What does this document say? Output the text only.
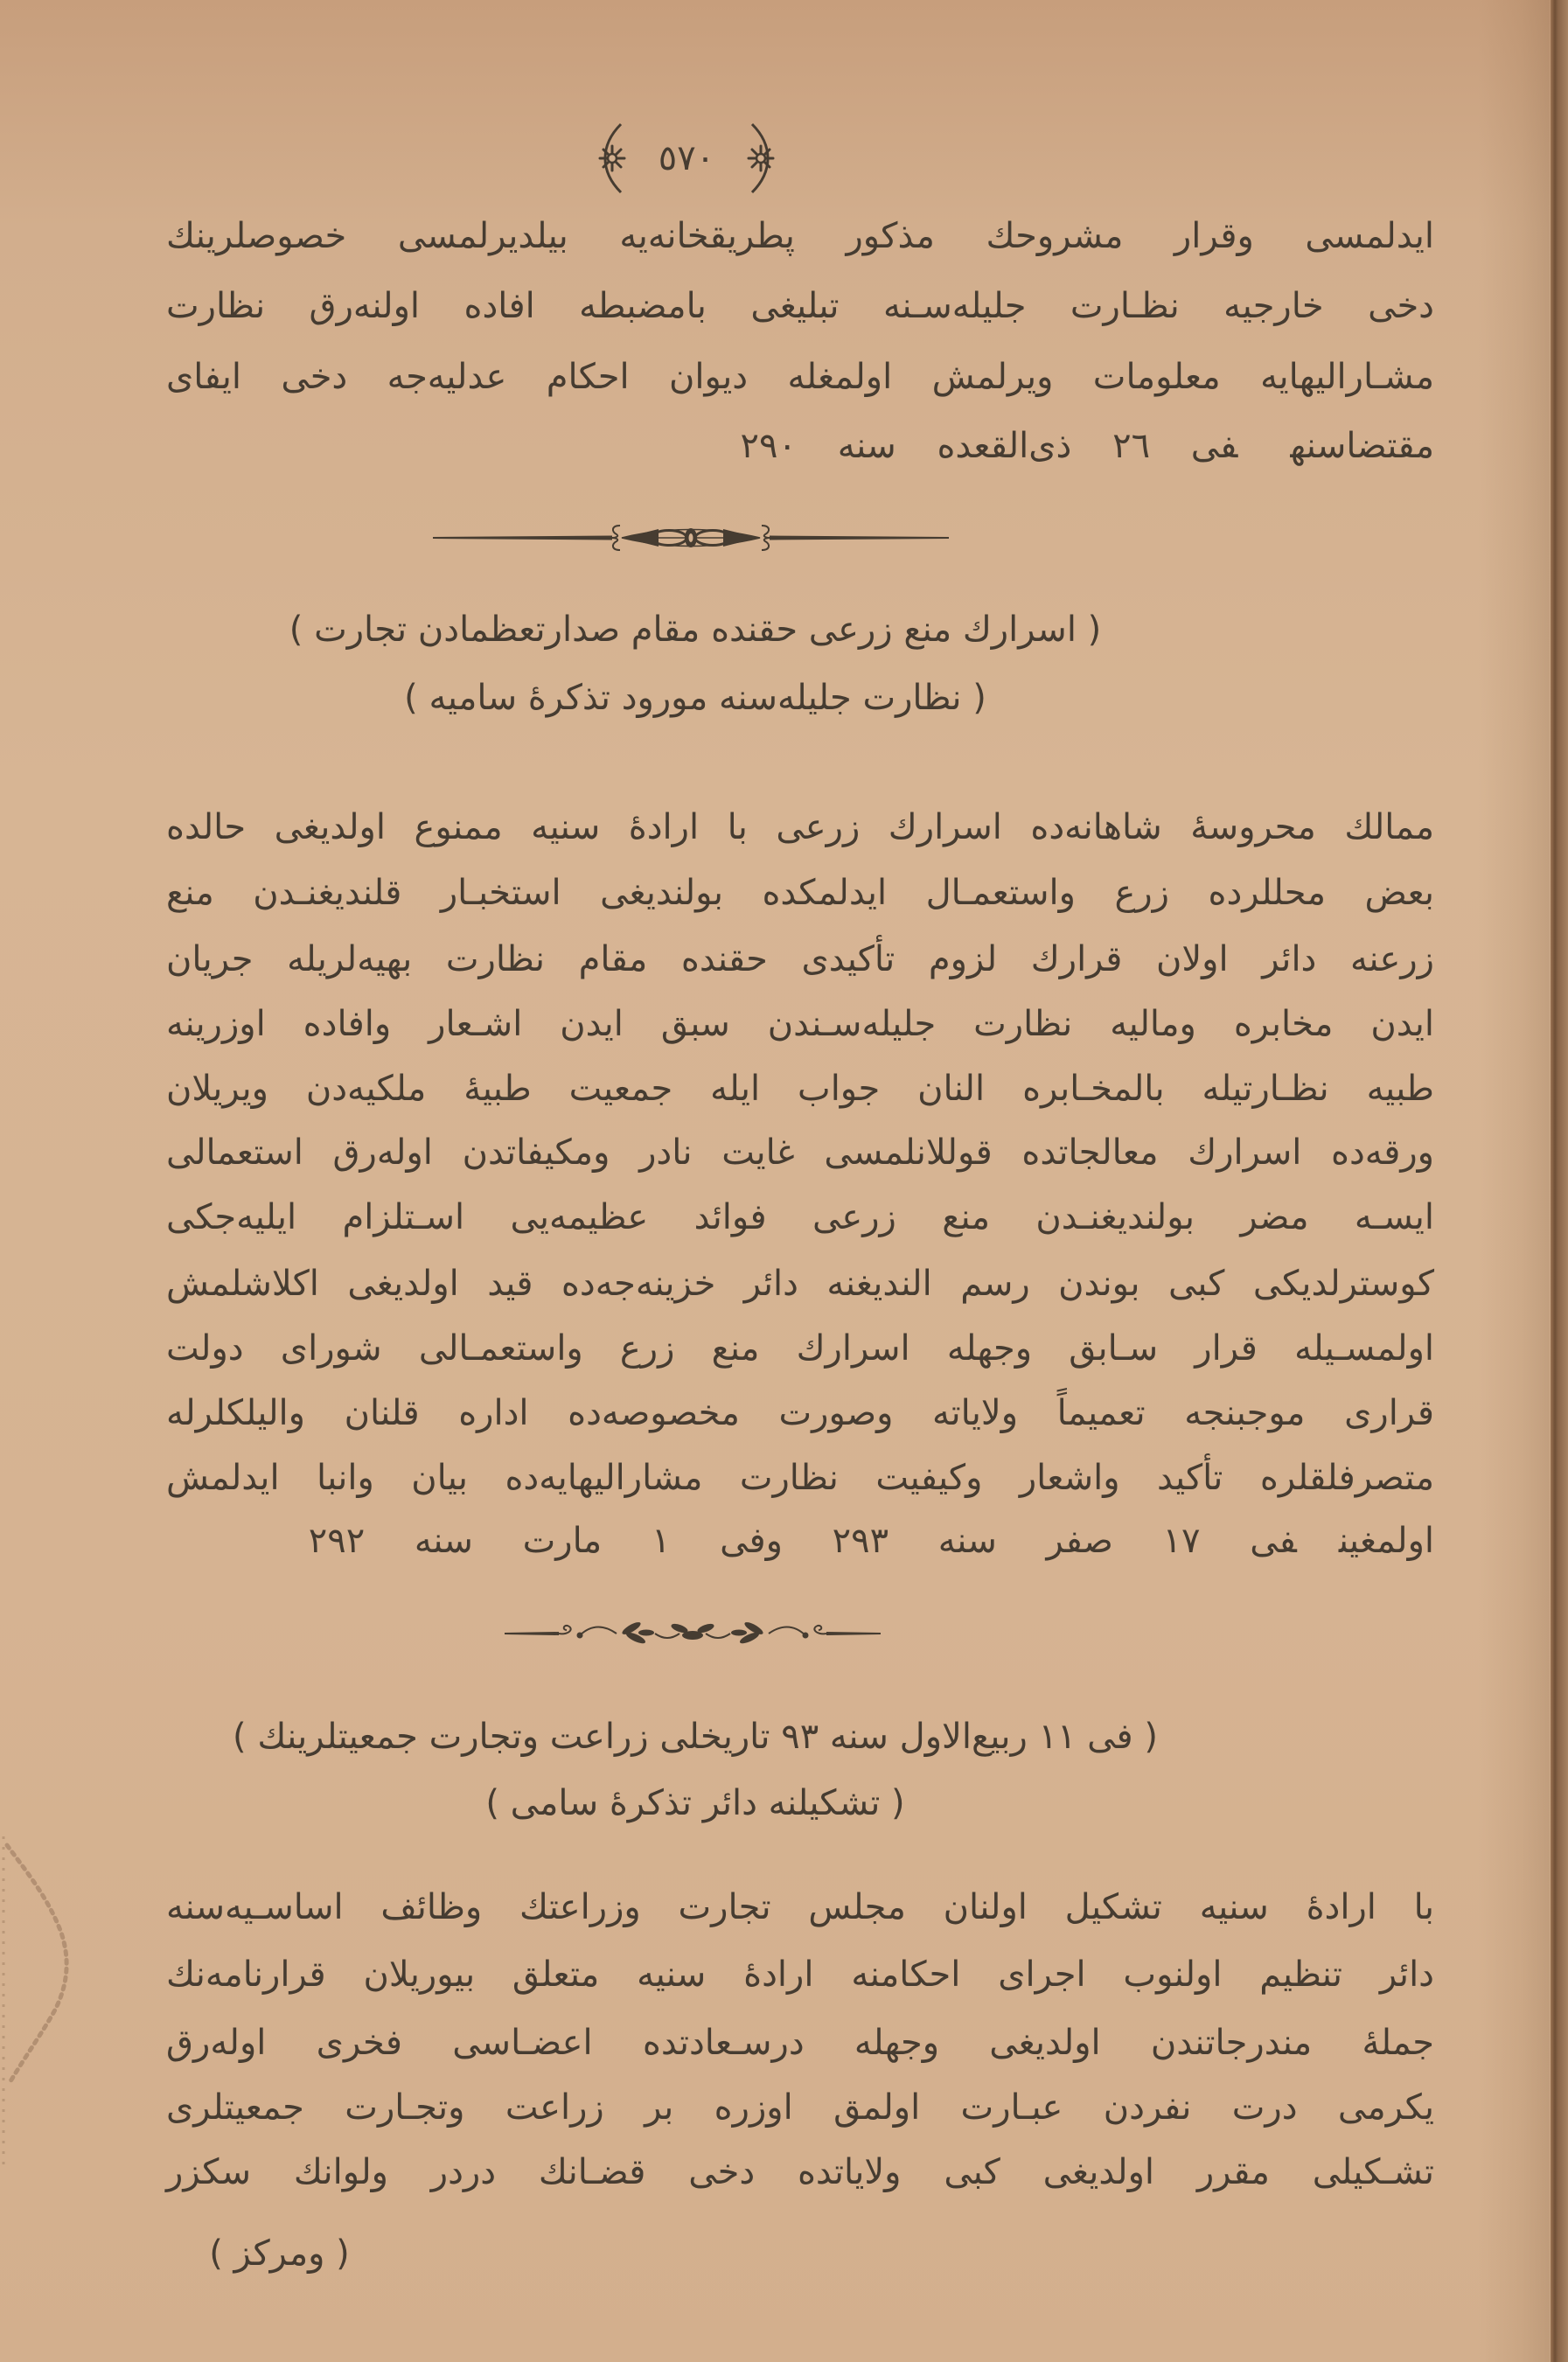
٥٧٠
ایدلمسی وقرار مشروحك مذكور پطریقخانه‌یه بیلدیرلمسی خصوصلرینك
دخی خارجیه نظـارت جلیله‌سـنه تبلیغی بامضبطه افاده اولنه‌رق نظارت
مشـارالیهایه معلومات ویرلمش اولمغله دیوان احکام عدلیه‌جه دخی ایفای
مقتضاسنهفی ٢٦ ذی‌القعده سنه ٢٩٠
( اسرارك منع زرعی حقنده مقام صدارتعظمادن تجارت )
( نظارت جلیله‌سنه مورود تذکرهٔ سامیه )
ممالك محروسهٔ شاهانه‌ده اسرارك زرعی با ارادهٔ سنیه ممنوع اولدیغی حالده
بعض محللرده زرع واستعمـال ایدلمکده بولندیغی استخبـار قلندیغنـدن منع
زرعنه دائر اولان قرارك لزوم تأکیدی حقنده مقام نظارت بهیه‌لریله جریان
ایدن مخابره ومالیه نظارت جلیله‌سـندن سبق ایدن اشـعار وافاده اوزرینه
طبیه نظـارتیله بالمخـابره النان جواب ایله جمعیت طبیهٔ ملکیه‌دن ویریلان
ورقه‌ده اسرارك معالجاتده قوللانلمسی غایت نادر ومکیفاتدن اوله‌رق استعمالی
ایسـه مضر بولندیغنـدن منع زرعی فوائد عظیمه‌یی اسـتلزام ایلیه‌جکی
کوسترلدیکی کبی بوندن رسم النديغنه دائر خزینه‌جه‌ده قید اولدیغی اکلاشلمش
اولمسـیله قرار سـابق وجهله اسرارك منع زرع واستعمـالی شورای دولت
قراری موجبنجه تعمیماً ولایاته وصورت مخصوصه‌ده اداره قلنان والیلکلرله
متصرفلقلره تأکید واشعار وکیفیت نظارت مشارالیهایه‌ده بیان وانبا ایدلمش
اولمغینفی ١٧ صفر سنه ٢٩٣ وفی ١ مارت سنه ٢٩٢
( فی ١١ ربیع‌الاول سنه ٩٣ تاریخلی زراعت وتجارت جمعیتلرینك )
( تشکیلنه دائر تذکرهٔ سامی )
با ارادهٔ سنیه تشکیل اولنان مجلس تجارت وزراعتك وظائف اساسـیه‌سنه
دائر تنظیم اولنوب اجرای احکامنه ارادهٔ سنیه متعلق بیوریلان قرارنامه‌نك
جملهٔ مندرجاتندن اولدیغی وجهله درسـعادتده اعضـاسی فخری اوله‌رق
یکرمی درت نفردن عبـارت اولمق اوزره بر زراعت وتجـارت جمعیتلری
تشـکیلی مقرر اولدیغی کبی ولایاتده دخی قضـانك دردر ولوانك سکزر
( ومرکز )
